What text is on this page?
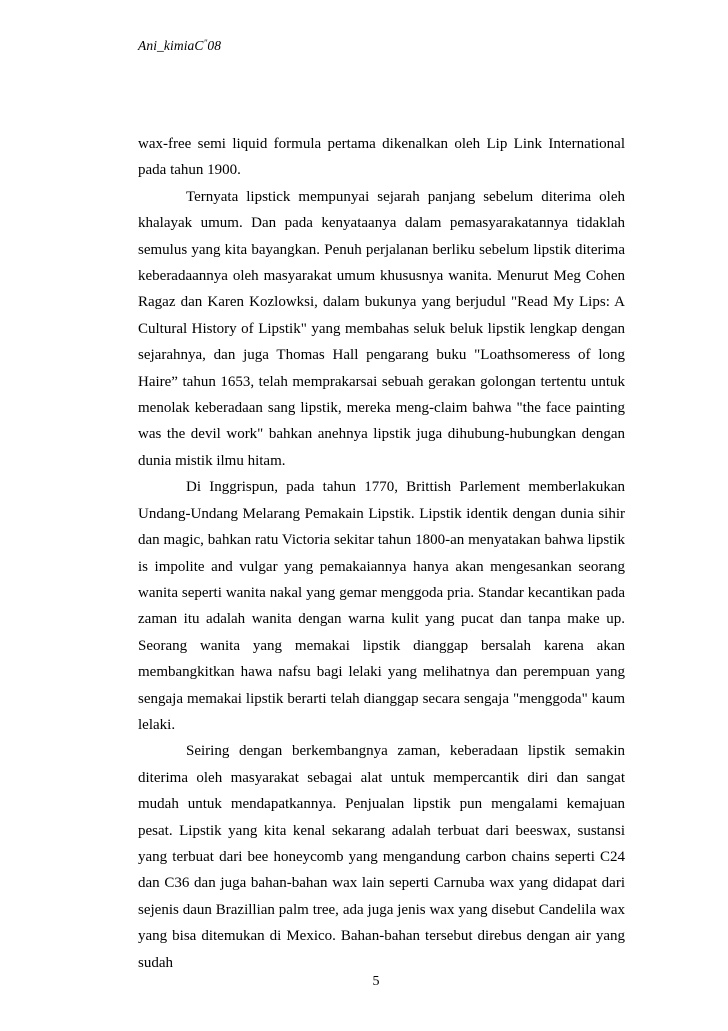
Ani_kimiaC"08

wax-free semi liquid formula pertama dikenalkan oleh Lip Link International pada tahun 1900.

Ternyata lipstick mempunyai sejarah panjang sebelum diterima oleh khalayak umum. Dan pada kenyataanya dalam pemasyarakatannya tidaklah semulus yang kita bayangkan. Penuh perjalanan berliku sebelum lipstik diterima keberadaannya oleh masyarakat umum khususnya wanita. Menurut Meg Cohen Ragaz dan Karen Kozlowksi, dalam bukunya yang berjudul "Read My Lips: A Cultural History of Lipstik" yang membahas seluk beluk lipstik lengkap dengan sejarahnya, dan juga Thomas Hall pengarang buku "Loathsomeress of long Haire” tahun 1653, telah memprakarsai sebuah gerakan golongan tertentu untuk menolak keberadaan sang lipstik, mereka meng-claim bahwa "the face painting was the devil work" bahkan anehnya lipstik juga dihubung-hubungkan dengan dunia mistik ilmu hitam.

Di Inggrispun, pada tahun 1770, Brittish Parlement memberlakukan Undang-Undang Melarang Pemakain Lipstik. Lipstik identik dengan dunia sihir dan magic, bahkan ratu Victoria sekitar tahun 1800-an menyatakan bahwa lipstik is impolite and vulgar yang pemakaiannya hanya akan mengesankan seorang wanita seperti wanita nakal yang gemar menggoda pria. Standar kecantikan pada zaman itu adalah wanita dengan warna kulit yang pucat dan tanpa make up. Seorang wanita yang memakai lipstik dianggap bersalah karena akan membangkitkan hawa nafsu bagi lelaki yang melihatnya dan perempuan yang sengaja memakai lipstik berarti telah dianggap secara sengaja "menggoda" kaum lelaki.

Seiring dengan berkembangnya zaman, keberadaan lipstik semakin diterima oleh masyarakat sebagai alat untuk mempercantik diri dan sangat mudah untuk mendapatkannya. Penjualan lipstik pun mengalami kemajuan pesat. Lipstik yang kita kenal sekarang adalah terbuat dari beeswax, sustansi yang terbuat dari bee honeycomb yang mengandung carbon chains seperti C24 dan C36 dan juga bahan-bahan wax lain seperti Carnuba wax yang didapat dari sejenis daun Brazillian palm tree, ada juga jenis wax yang disebut Candelila wax yang bisa ditemukan di Mexico. Bahan-bahan tersebut direbus dengan air yang sudah

5
